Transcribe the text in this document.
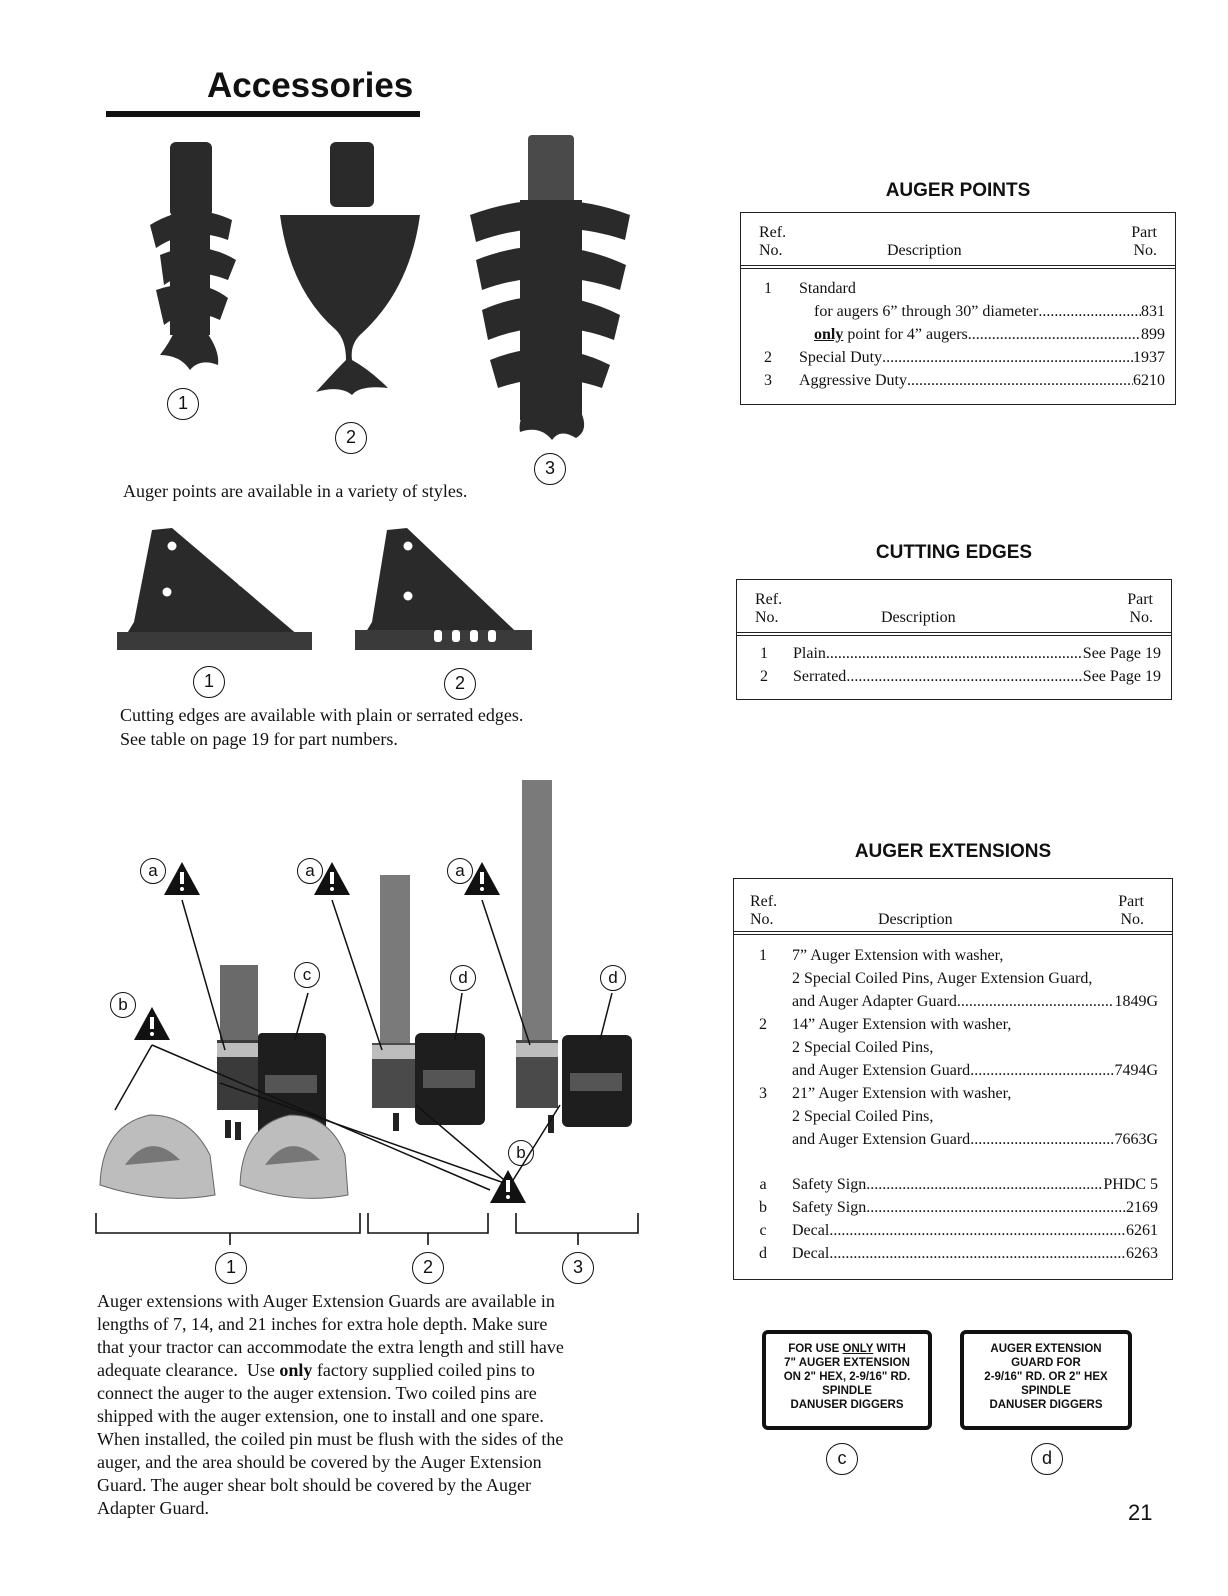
Accessories
1
2
3
Auger points are available in a variety of styles.
AUGER POINTS
Ref.
No.	Description
Part
No.
1	Standard
for augers 6” through 30” diameter .....	831
only point for 4” augers .....	899
2	Special Duty .....	1937
3	Aggressive Duty .....	6210
1	2
Cutting edges are available with plain or serrated edges.
See table on page 19 for part numbers.
CUTTING EDGES
Ref.
No.	Description
Part
No.
1	Plain .....	See Page 19
2	Serrated .....	See Page 19
a	a	a
b
b
c	d	d
1	2	3
Auger extensions with Auger Extension Guards are available in
lengths of 7, 14, and 21 inches for extra hole depth. Make sure
that your tractor can accommodate the extra length and still have
adequate clearance.  Use only factory supplied coiled pins to
connect the auger to the auger extension. Two coiled pins are
shipped with the auger extension, one to install and one spare.
When installed, the coiled pin must be flush with the sides of the
auger, and the area should be covered by the Auger Extension
Guard. The auger shear bolt should be covered by the Auger
Adapter Guard.
AUGER EXTENSIONS
Ref.
No.	Description
Part
No.
1	7” Auger Extension with washer,
2 Special Coiled Pins, Auger Extension Guard,
and Auger Adapter Guard .....	1849G
2	14” Auger Extension with washer,
2 Special Coiled Pins,
and Auger Extension Guard .....	7494G
3	21” Auger Extension with washer,
2 Special Coiled Pins,
and Auger Extension Guard .....	7663G
a	Safety Sign .....	PHDC 5
b	Safety Sign .....	2169
c	Decal .....	6261
d	Decal .....	6263
FOR USE ONLY WITH
7" AUGER EXTENSION
ON 2" HEX, 2-9/16" RD.
SPINDLE
DANUSER DIGGERS
AUGER EXTENSION
GUARD FOR
2-9/16" RD. OR 2" HEX
SPINDLE
DANUSER DIGGERS
c	d
21
